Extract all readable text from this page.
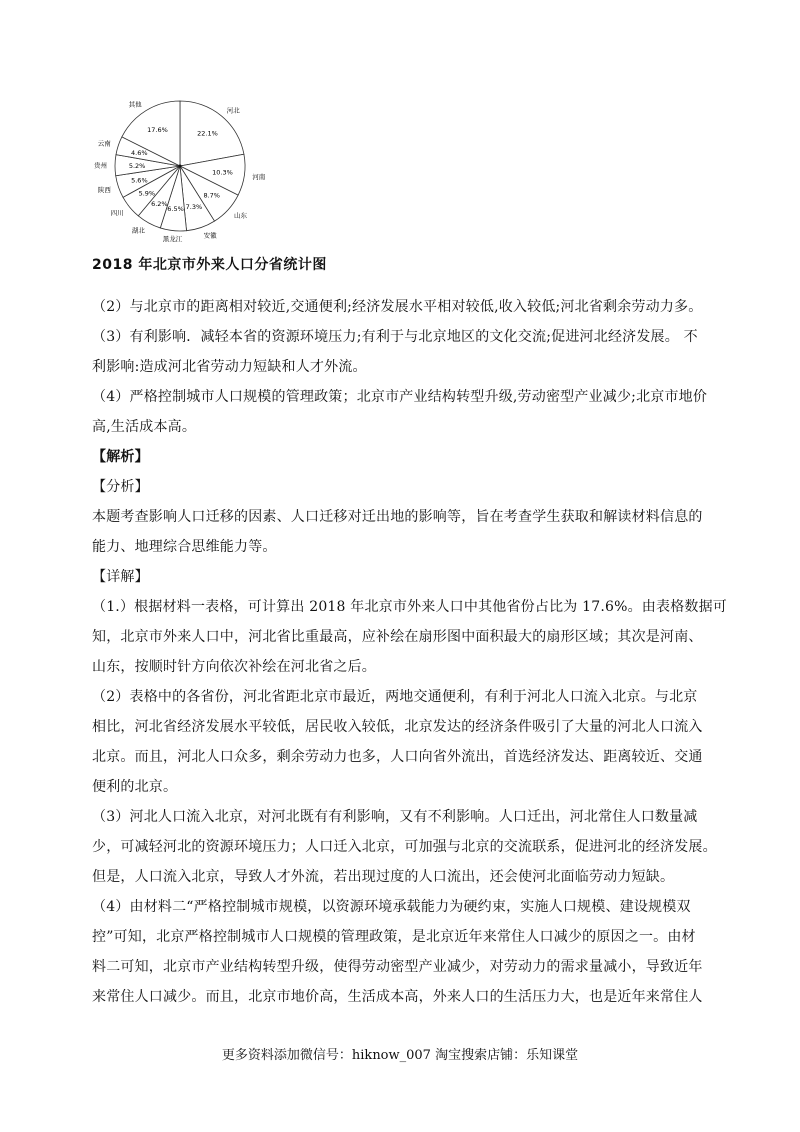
22.1%
河北
10.3%
河南
8.7%
山东
7.3%
安徽
6.5%
黑龙江
6.2%
湖北
5.9%
四川
5.6%
陕西
5.2%
贵州
4.6%
云南
17.6%
其他
2018 年北京市外来人口分省统计图
（2）与北京市的距离相对较近,交通便利;经济发展水平相对较低,收入较低;河北省剩余劳动力多。
（3）有利影响．减轻本省的资源环境压力;有利于与北京地区的文化交流;促进河北经济发展。 不
利影响:造成河北省劳动力短缺和人才外流。
（4）严格控制城市人口规模的管理政策；北京市产业结构转型升级,劳动密型产业减少;北京市地价
高,生活成本高。
【解析】
【分析】
本题考查影响人口迁移的因素、人口迁移对迁出地的影响等，旨在考查学生获取和解读材料信息的
能力、地理综合思维能力等。
【详解】
（1.）根据材料一表格，可计算出 2018 年北京市外来人口中其他省份占比为 17.6%。由表格数据可
知，北京市外来人口中，河北省比重最高，应补绘在扇形图中面积最大的扇形区域；其次是河南、
山东，按顺时针方向依次补绘在河北省之后。
（2）表格中的各省份，河北省距北京市最近，两地交通便利，有利于河北人口流入北京。与北京
相比，河北省经济发展水平较低，居民收入较低，北京发达的经济条件吸引了大量的河北人口流入
北京。而且，河北人口众多，剩余劳动力也多，人口向省外流出，首选经济发达、距离较近、交通
便利的北京。
（3）河北人口流入北京，对河北既有有利影响，又有不利影响。人口迁出，河北常住人口数量减
少，可减轻河北的资源环境压力；人口迁入北京，可加强与北京的交流联系，促进河北的经济发展。
但是，人口流入北京，导致人才外流，若出现过度的人口流出，还会使河北面临劳动力短缺。
（4）由材料二“严格控制城市规模，以资源环境承载能力为硬约束，实施人口规模、建设规模双
控”可知，北京严格控制城市人口规模的管理政策，是北京近年来常住人口减少的原因之一。由材
料二可知，北京市产业结构转型升级，使得劳动密型产业减少，对劳动力的需求量减小，导致近年
来常住人口减少。而且，北京市地价高，生活成本高，外来人口的生活压力大，也是近年来常住人
更多资料添加微信号：hiknow_007 淘宝搜索店铺：乐知课堂
